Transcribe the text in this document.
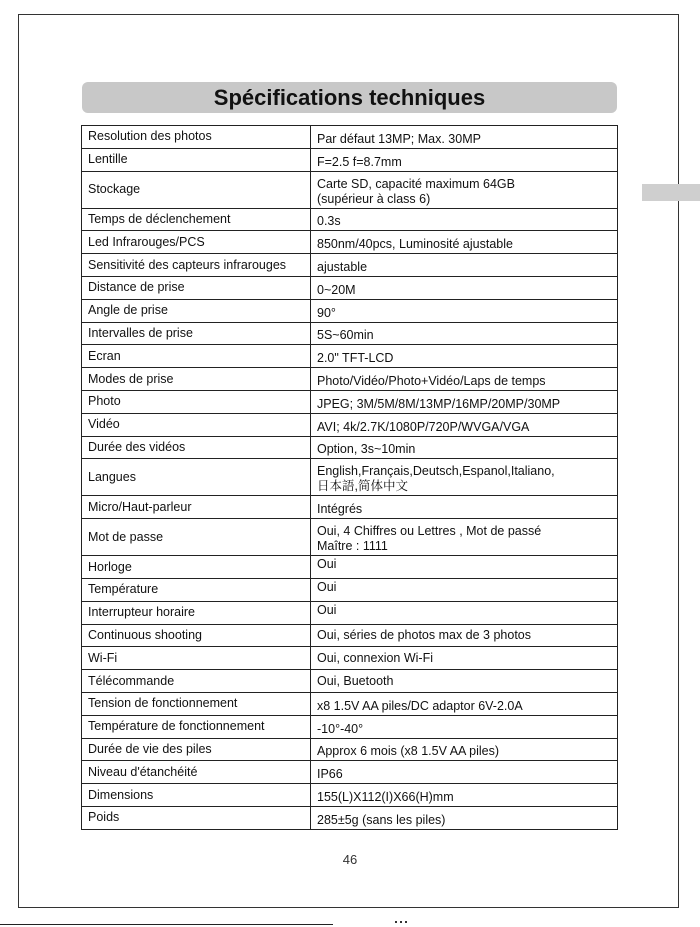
Spécifications techniques
Resolution des photos	Par défaut 13MP; Max. 30MP

Lentille	F=2.5 f=8.7mm

Stockage	Carte SD, capacité maximum 64GB
(supérieur à class 6)

Temps de déclenchement	0.3s

Led Infrarouges/PCS	850nm/40pcs, Luminosité ajustable

Sensitivité des capteurs infrarouges	ajustable

Distance de prise	0~20M

Angle de prise	90°

Intervalles de prise	5S~60min

Ecran	2.0" TFT-LCD

Modes de prise	Photo/Vidéo/Photo+Vidéo/Laps de temps

Photo	JPEG; 3M/5M/8M/13MP/16MP/20MP/30MP

Vidéo	AVI; 4k/2.7K/1080P/720P/WVGA/VGA

Durée des vidéos	Option, 3s~10min

Langues	English,Français,Deutsch,Espanol,Italiano,
日本語,简体中文

Micro/Haut-parleur	Intégrés

Mot de passe	Oui, 4 Chiffres ou Lettres , Mot de passé
Maître : 1111

Horloge	Oui

Température	Oui

Interrupteur horaire	Oui

Continuous shooting	Oui, séries de photos max de 3 photos

Wi-Fi	Oui, connexion Wi-Fi

Télécommande	Oui, Buetooth

Tension de fonctionnement	x8 1.5V AA piles/DC adaptor 6V-2.0A

Température de fonctionnement	-10°-40°

Durée de vie des piles	Approx 6 mois (x8 1.5V AA piles)

Niveau d'étanchéité	IP66

Dimensions	155(L)X112(I)X66(H)mm

Poids	285±5g (sans les piles)
46
